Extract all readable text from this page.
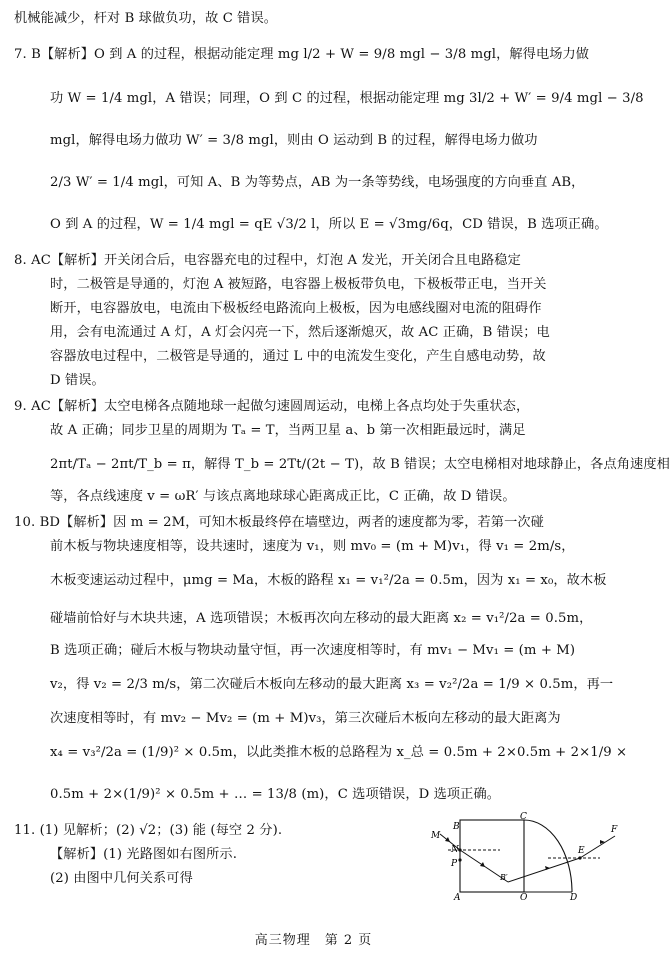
机械能减少，杆对 B 球做负功，故 C 错误。
7. B【解析】O 到 A 的过程，根据动能定理 mg l/2 + W = 9/8 mgl − 3/8 mgl，解得电场力做
功 W = 1/4 mgl，A 错误；同理，O 到 C 的过程，根据动能定理 mg 3l/2 + W′ = 9/4 mgl − 3/8
mgl，解得电场力做功 W′ = 3/8 mgl，则由 O 运动到 B 的过程，解得电场力做功
2/3 W′ = 1/4 mgl，可知 A、B 为等势点，AB 为一条等势线，电场强度的方向垂直 AB，
O 到 A 的过程，W = 1/4 mgl = qE √3/2 l，所以 E = √3mg/6q，CD 错误，B 选项正确。
8. AC【解析】开关闭合后，电容器充电的过程中，灯泡 A 发光，开关闭合且电路稳定
时，二极管是导通的，灯泡 A 被短路，电容器上极板带负电，下极板带正电，当开关
断开，电容器放电，电流由下极板经电路流向上极板，因为电感线圈对电流的阻碍作
用，会有电流通过 A 灯，A 灯会闪亮一下，然后逐渐熄灭，故 AC 正确，B 错误；电
容器放电过程中，二极管是导通的，通过 L 中的电流发生变化，产生自感电动势，故
D 错误。
9. AC【解析】太空电梯各点随地球一起做匀速圆周运动，电梯上各点均处于失重状态，
故 A 正确；同步卫星的周期为 Tₐ = T，当两卫星 a、b 第一次相距最远时，满足
2πt/Tₐ − 2πt/T_b = π，解得 T_b = 2Tt/(2t − T)，故 B 错误；太空电梯相对地球静止，各点角速度相
等，各点线速度 v = ωR′ 与该点离地球球心距离成正比，C 正确，故 D 错误。
10. BD【解析】因 m = 2M，可知木板最终停在墙壁边，两者的速度都为零，若第一次碰
前木板与物块速度相等，设共速时，速度为 v₁，则 mv₀ = (m + M)v₁，得 v₁ = 2m/s，
木板变速运动过程中，μmg = Ma，木板的路程 x₁ = v₁²/2a = 0.5m，因为 x₁ = x₀，故木板
碰墙前恰好与木块共速，A 选项错误；木板再次向左移动的最大距离 x₂ = v₁²/2a = 0.5m，
B 选项正确；碰后木板与物块动量守恒，再一次速度相等时，有 mv₁ − Mv₁ = (m + M)
v₂，得 v₂ = 2/3 m/s，第二次碰后木板向左移动的最大距离 x₃ = v₂²/2a = 1/9 × 0.5m，再一
次速度相等时，有 mv₂ − Mv₂ = (m + M)v₃，第三次碰后木板向左移动的最大距离为
x₄ = v₃²/2a = (1/9)² × 0.5m，以此类推木板的总路程为 x_总 = 0.5m + 2×0.5m + 2×1/9 ×
0.5m + 2×(1/9)² × 0.5m + … = 13/8 (m)，C 选项错误，D 选项正确。
11. (1) 见解析；(2) √2；(3) 能 (每空 2 分).
【解析】(1) 光路图如右图所示.
(2) 由图中几何关系可得
B
C
M
N
P
A	O	D
E
F
B′
高三物理　第 2 页
